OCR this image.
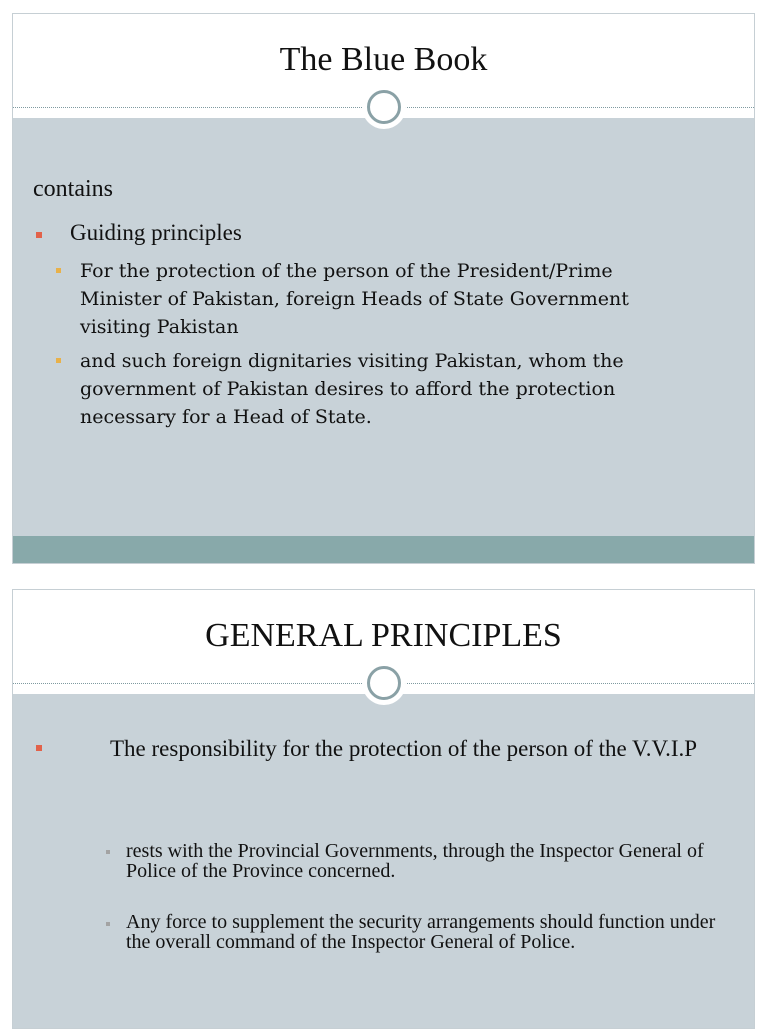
The Blue Book
contains
Guiding principles
For the protection of the person of the President/Prime Minister of Pakistan, foreign Heads of State Government visiting Pakistan
and such foreign dignitaries visiting Pakistan, whom the government of Pakistan desires to afford the protection necessary for a Head of State.
GENERAL PRINCIPLES
The responsibility for the protection of the person of the V.V.I.P
rests with the Provincial Governments, through the Inspector General of Police of the Province concerned.
Any force to supplement the security arrangements should function under the overall command of the Inspector General of Police.
